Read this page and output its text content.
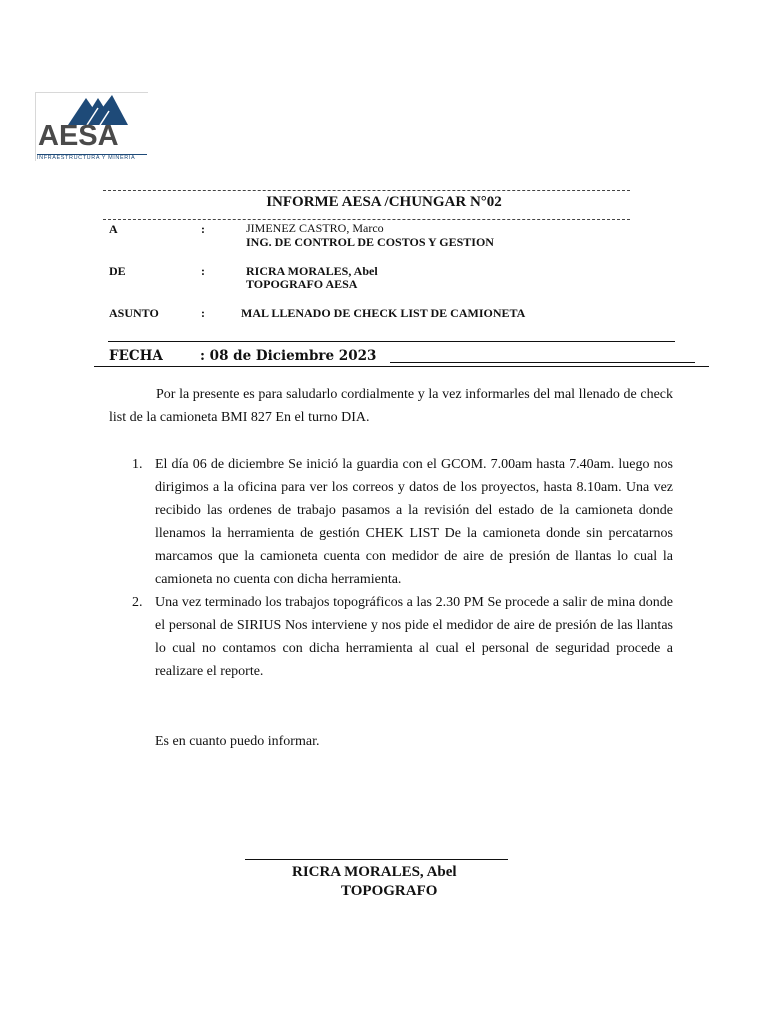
AESA
INFRAESTRUCTURA Y MINERÍA
INFORME AESA /CHUNGAR N°02
A	:	JIMENEZ CASTRO, Marco
ING. DE CONTROL DE COSTOS Y GESTION
DE	:	RICRA MORALES, Abel
TOPOGRAFO AESA
ASUNTO	:	MAL LLENADO DE CHECK LIST DE CAMIONETA
FECHA	: 08 de Diciembre 2023
Por la presente es para saludarlo cordialmente y la vez informarles del mal llenado de check list de la camioneta BMI 827 En el turno DIA.
1. El día 06 de diciembre Se inició la guardia con el GCOM. 7.00am hasta 7.40am. luego nos dirigimos a la oficina para ver los correos y datos de los proyectos, hasta 8.10am. Una vez recibido las ordenes de trabajo pasamos a la revisión del estado de la camioneta donde llenamos la herramienta de gestión CHEK LIST De la camioneta donde sin percatarnos marcamos que la camioneta cuenta con medidor de aire de presión de llantas lo cual la camioneta no cuenta con dicha herramienta.
2. Una vez terminado los trabajos topográficos a las 2.30 PM Se procede a salir de mina donde el personal de SIRIUS Nos interviene y nos pide el medidor de aire de presión de las llantas lo cual no contamos con dicha herramienta al cual el personal de seguridad procede a realizare el reporte.
Es en cuanto puedo informar.
RICRA MORALES, Abel
TOPOGRAFO
